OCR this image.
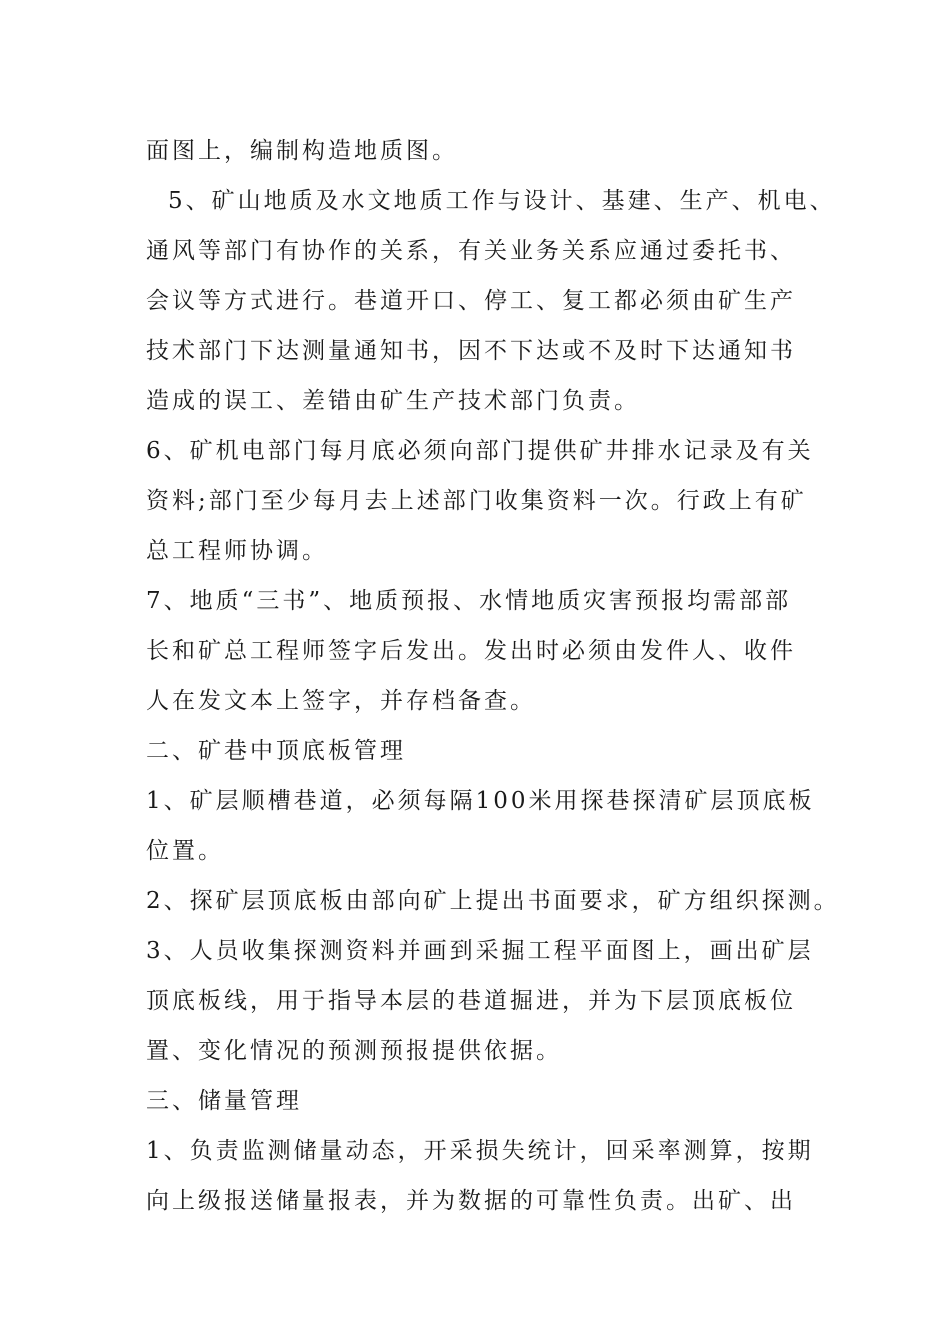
面图上，编制构造地质图。
5、矿山地质及水文地质工作与设计、基建、生产、机电、
通风等部门有协作的关系，有关业务关系应通过委托书、
会议等方式进行。巷道开口、停工、复工都必须由矿生产
技术部门下达测量通知书，因不下达或不及时下达通知书
造成的误工、差错由矿生产技术部门负责。
6、矿机电部门每月底必须向部门提供矿井排水记录及有关
资料;部门至少每月去上述部门收集资料一次。行政上有矿
总工程师协调。
7、地质“三书”、地质预报、水情地质灾害预报均需部部
长和矿总工程师签字后发出。发出时必须由发件人、收件
人在发文本上签字，并存档备查。
二、矿巷中顶底板管理
1、矿层顺槽巷道，必须每隔100米用探巷探清矿层顶底板
位置。
2、探矿层顶底板由部向矿上提出书面要求，矿方组织探测。
3、人员收集探测资料并画到采掘工程平面图上，画出矿层
顶底板线，用于指导本层的巷道掘进，并为下层顶底板位
置、变化情况的预测预报提供依据。
三、储量管理
1、负责监测储量动态，开采损失统计，回采率测算，按期
向上级报送储量报表，并为数据的可靠性负责。出矿、出
